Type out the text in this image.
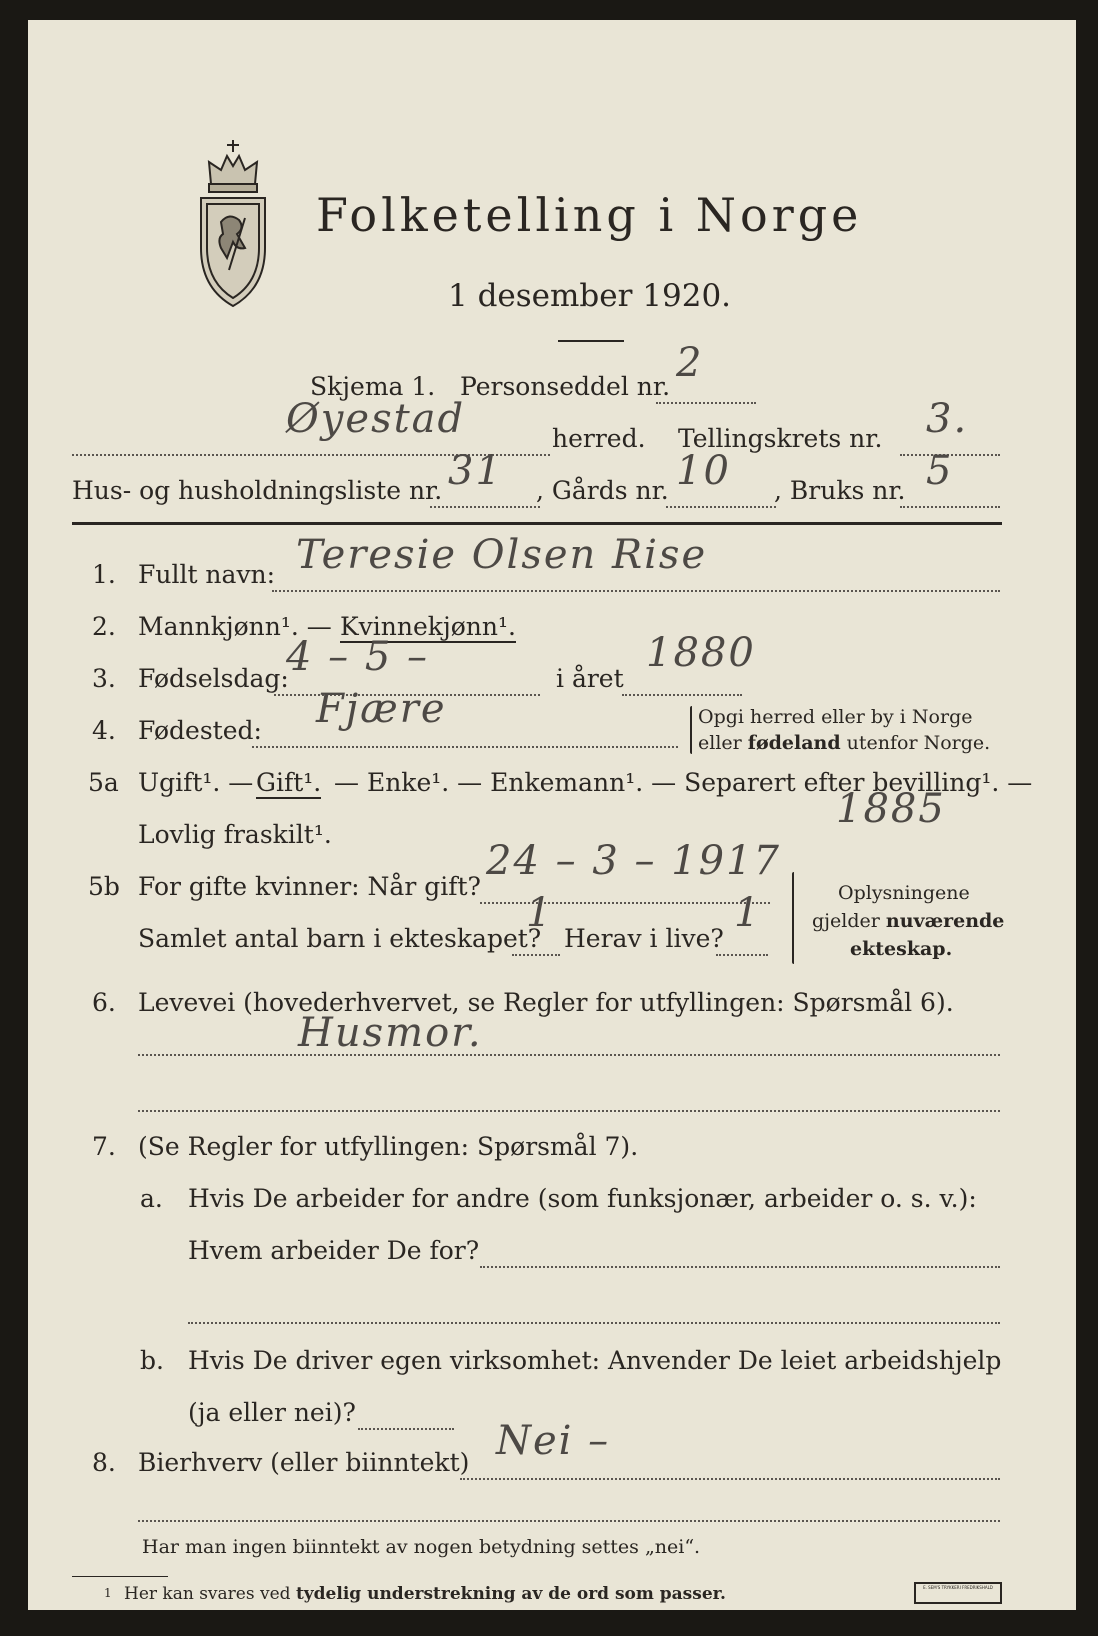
Folketelling i Norge
1 desember 1920.
Skjema 1. Personseddel nr.
2
Øyestad	herred. Tellingskrets nr. 3.
Hus- og husholdningsliste nr. 31 , Gårds nr. 10 , Bruks nr. 5
1. Fullt navn: Teresie Olsen Rise
2. Mannkjønn¹. — Kvinnekjønn¹.
3. Fødselsdag:
4 – 5 –	i året
1880
4. Fødested: Fjære	Opgi herred eller by i Norge
eller fødeland utenfor Norge.
5a Ugift¹. — Gift¹. — Enke¹. — Enkemann¹. — Separert efter bevilling¹. —
Lovlig fraskilt¹.
1885
5b For gifte kvinner: Når gift?
24 – 3 – 1917
Samlet antal barn i ekteskapet?
1
Herav i live?
1	Oplysningene
gjelder nuværende
ekteskap.
6. Levevei (hovederhvervet, se Regler for utfyllingen: Spørsmål 6).
Husmor.
7. (Se Regler for utfyllingen: Spørsmål 7).
a. Hvis De arbeider for andre (som funksjonær, arbeider o. s. v.):
Hvem arbeider De for?
b. Hvis De driver egen virksomhet: Anvender De leiet arbeidshjelp
(ja eller nei)?
8. Bierhverv (eller biinntekt) Nei –
Har man ingen biinntekt av nogen betydning settes „nei“.
1 Her kan svares ved tydelig understrekning av de ord som passer.	E. SEM'S TRYKKERI FREDRIKSHALD
